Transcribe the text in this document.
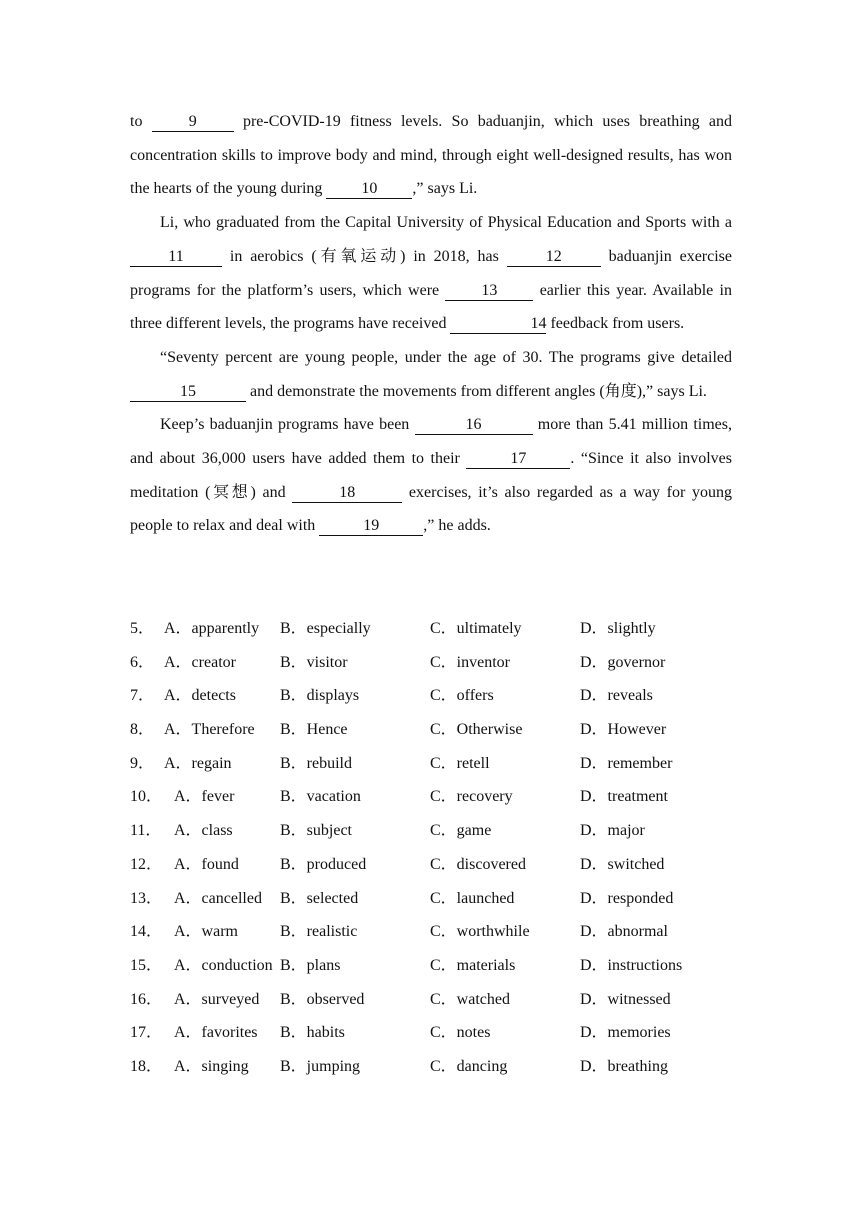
to 9 pre-COVID-19 fitness levels. So baduanjin, which uses breathing and concentration skills to improve body and mind, through eight well-designed results, has won the hearts of the young during 10 ,” says Li.

Li, who graduated from the Capital University of Physical Education and Sports with a 11 in aerobics (有氧运动) in 2018, has 12 baduanjin exercise programs for the platform’s users, which were 13 earlier this year. Available in three different levels, the programs have received	14 feedback from users.

“Seventy percent are young people, under the age of 30. The programs give detailed 15	and demonstrate the movements from different angles (角度),” says Li.

Keep’s baduanjin programs have been	16	more than 5.41 million times, and about 36,000 users have added them to their	17	. “Since it also involves meditation (冥想) and	18	exercises, it’s also regarded as a way for young people to relax and deal with	19	,” he adds.

5． A．apparently B．especially	C．ultimately	D．slightly
6． A．creator	B．visitor	C．inventor	D．governor
7． A．detects	B．displays	C．offers	D．reveals
8． A．Therefore B．Hence	C．Otherwise	D．However
9． A．regain	B．rebuild	C．retell	D．remember
10． A．fever	B．vacation	C．recovery	D．treatment
11． A．class	B．subject	C．game	D．major
12． A．found	B．produced	C．discovered	D．switched
13． A．cancelled B．selected	C．launched	D．responded
14． A．warm	B．realistic	C．worthwhile	D．abnormal
15． A．conduction B．plans	C．materials	D．instructions
16． A．surveyed B．observed	C．watched	D．witnessed
17． A．favorites B．habits	C．notes	D．memories
18． A．singing B．jumping	C．dancing	D．breathing
